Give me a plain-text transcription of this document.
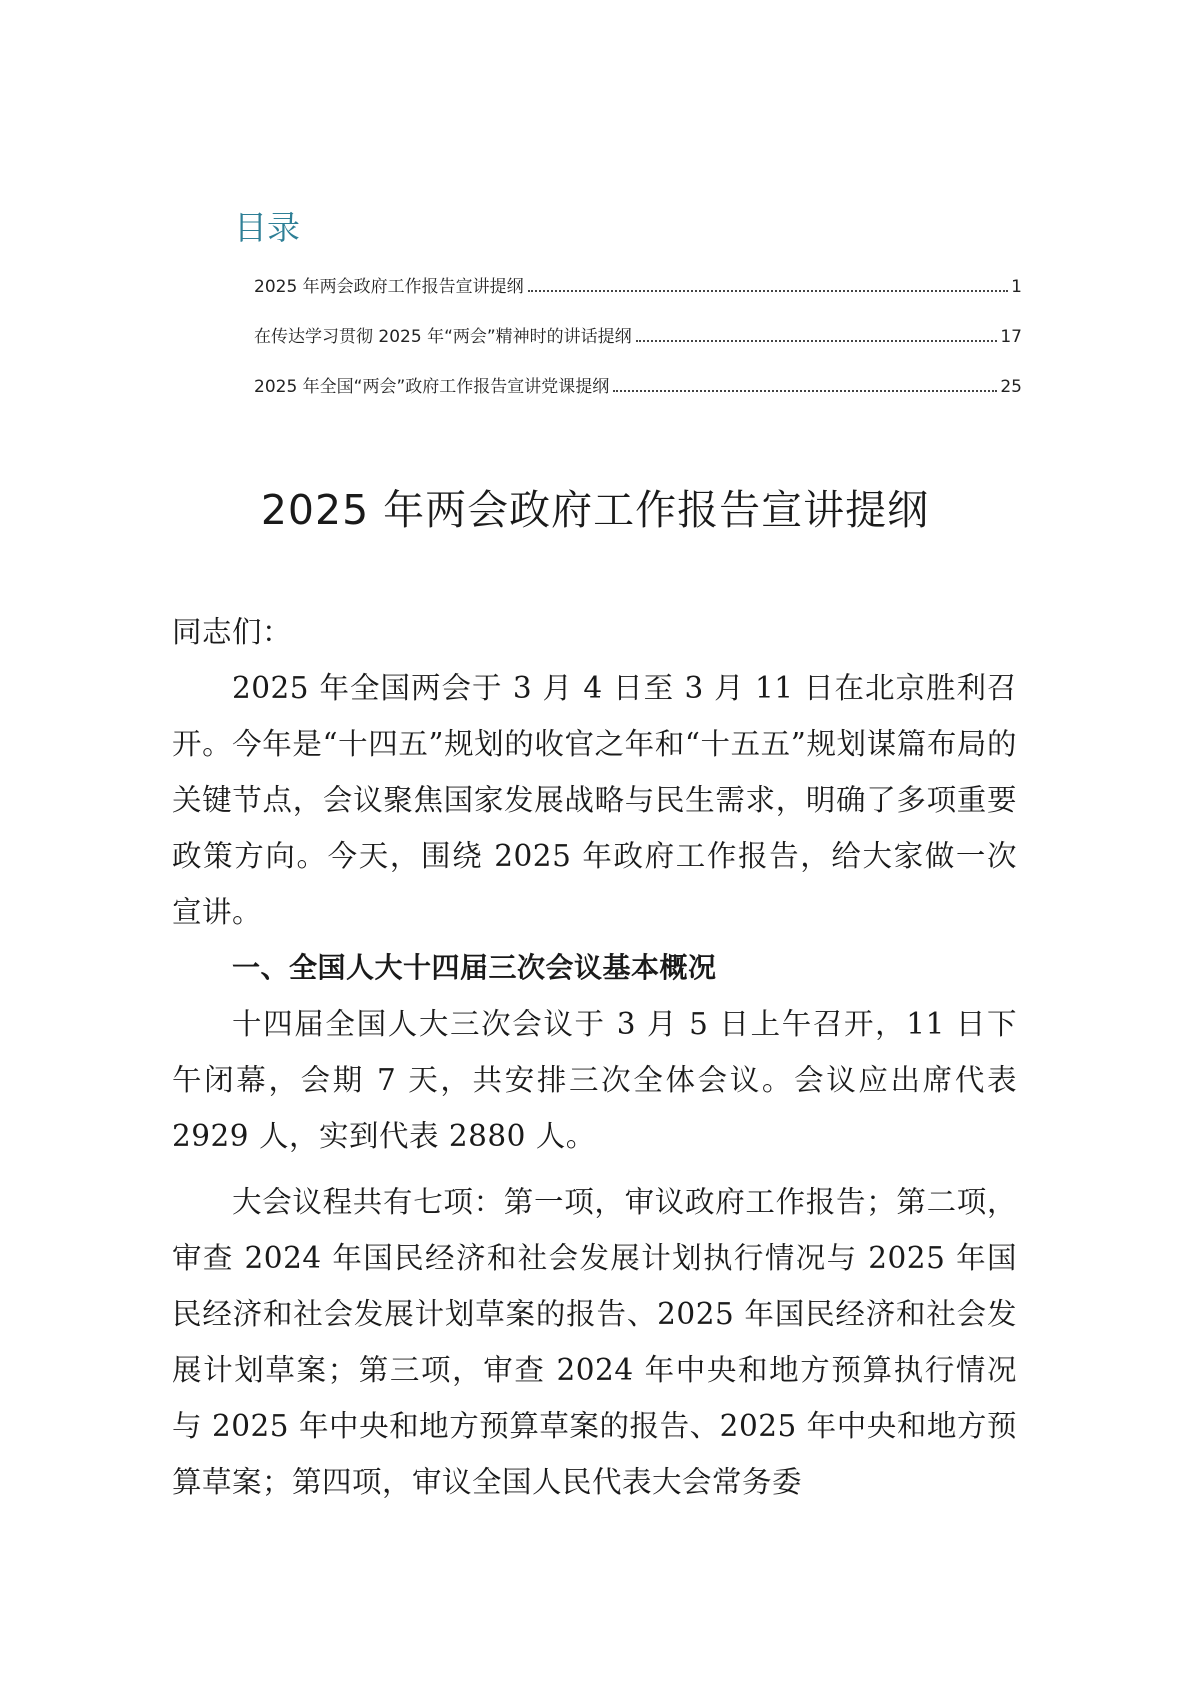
目录
2025 年两会政府工作报告宣讲提纲	1
在传达学习贯彻 2025 年“两会”精神时的讲话提纲	17
2025 年全国“两会”政府工作报告宣讲党课提纲	25
2025 年两会政府工作报告宣讲提纲

同志们：

2025 年全国两会于 3 月 4 日至 3 月 11 日在北京胜利召开。今年是“十四五”规划的收官之年和“十五五”规划谋篇布局的关键节点，会议聚焦国家发展战略与民生需求，明确了多项重要政策方向。今天，围绕 2025 年政府工作报告，给大家做一次宣讲。

一、全国人大十四届三次会议基本概况

十四届全国人大三次会议于 3 月 5 日上午召开，11 日下午闭幕，会期 7 天，共安排三次全体会议。会议应出席代表 2929 人，实到代表 2880 人。

大会议程共有七项：第一项，审议政府工作报告；第二项，审查 2024 年国民经济和社会发展计划执行情况与 2025 年国民经济和社会发展计划草案的报告、2025 年国民经济和社会发展计划草案；第三项，审查 2024 年中央和地方预算执行情况与 2025 年中央和地方预算草案的报告、2025 年中央和地方预算草案；第四项，审议全国人民代表大会常务委
